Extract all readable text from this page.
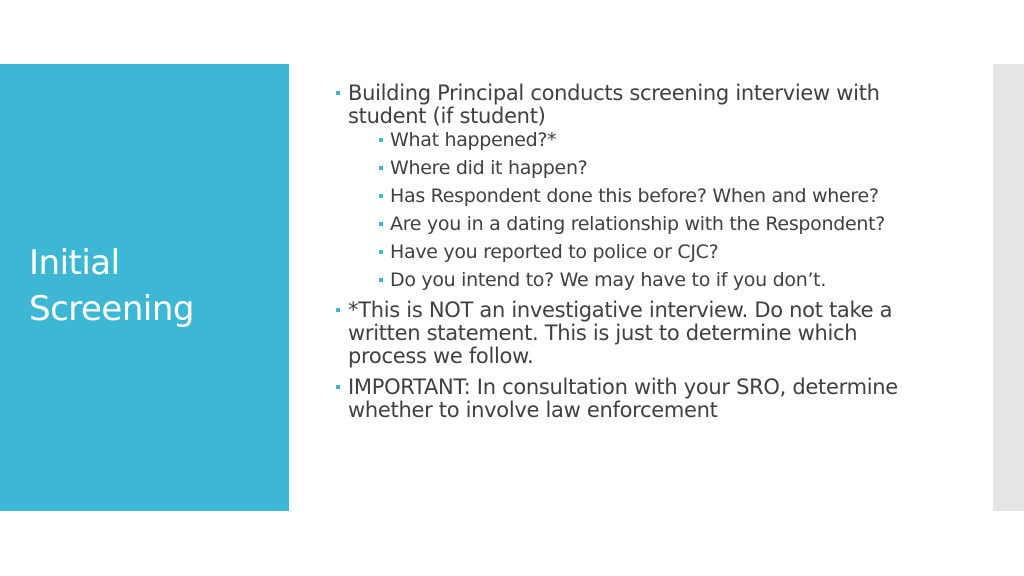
Initial
Screening
Building Principal conducts screening interview with student (if student)
What happened?*
Where did it happen?
Has Respondent done this before? When and where?
Are you in a dating relationship with the Respondent?
Have you reported to police or CJC?
Do you intend to? We may have to if you don’t.
*This is NOT an investigative interview. Do not take a written statement. This is just to determine which process we follow.
IMPORTANT: In consultation with your SRO, determine whether to involve law enforcement
